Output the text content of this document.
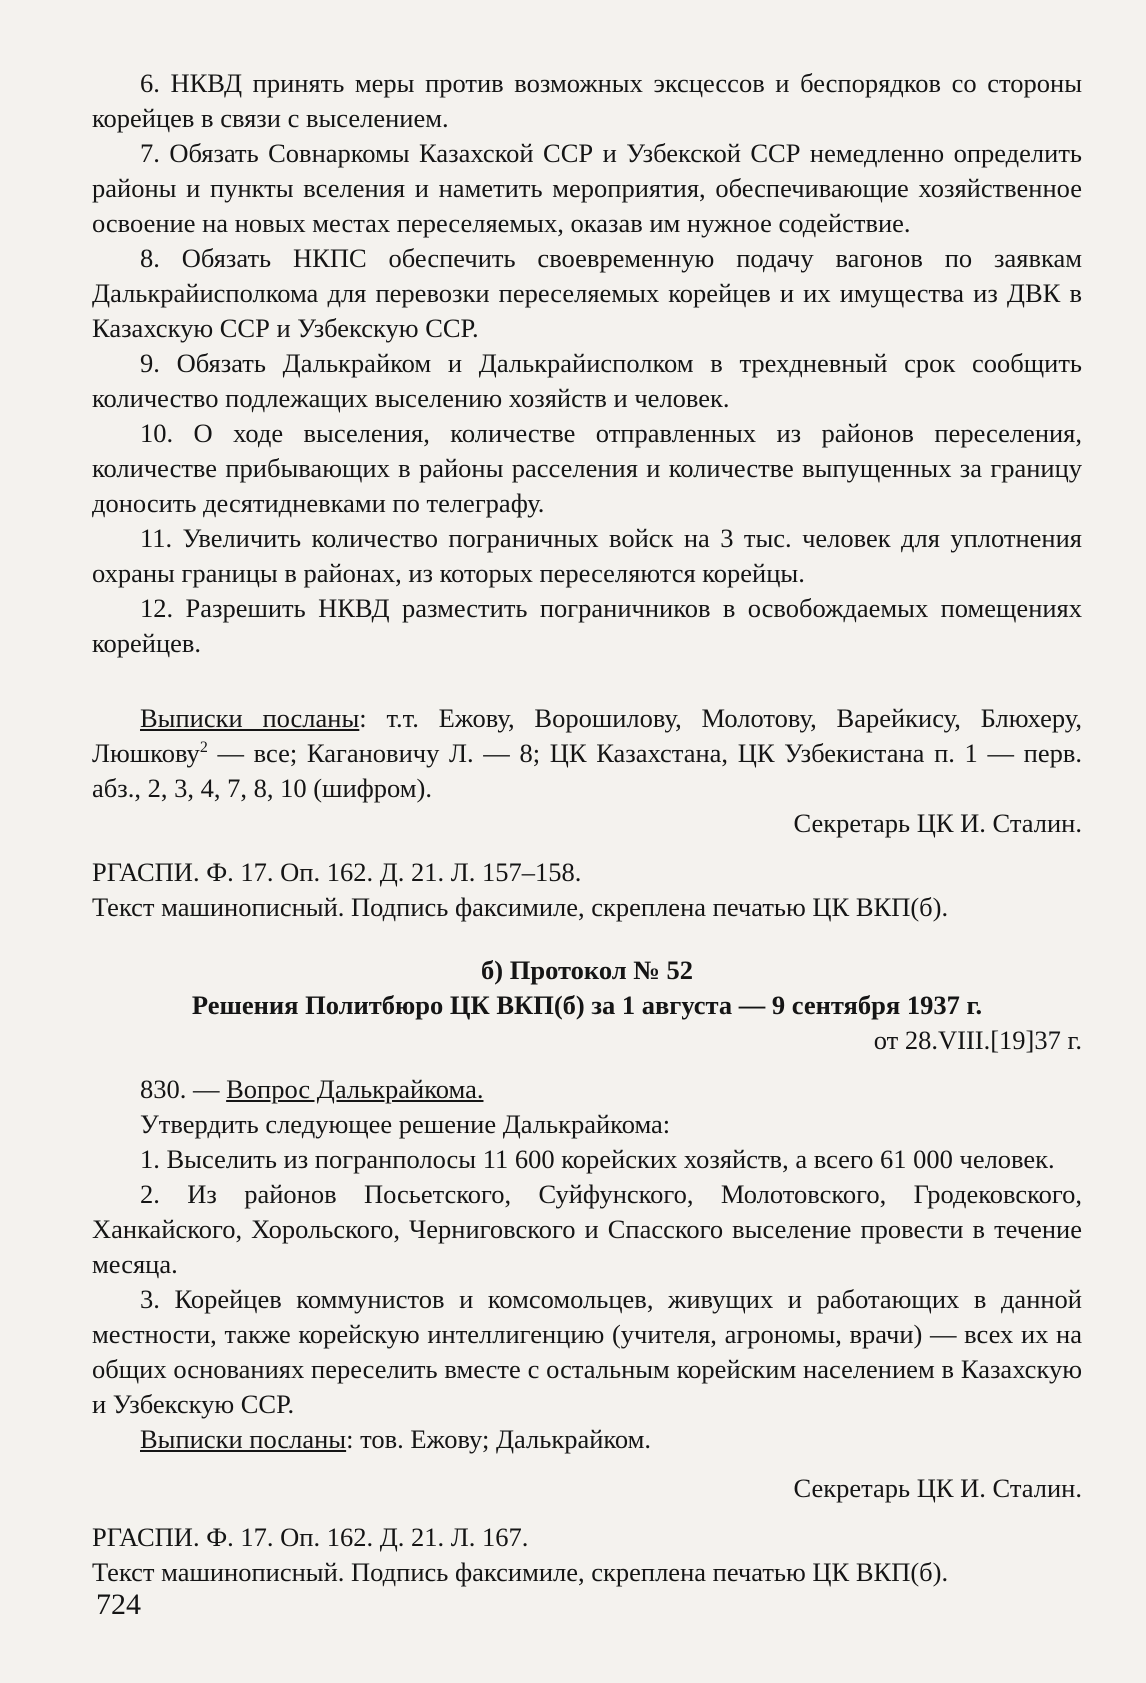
6. НКВД принять меры против возможных эксцессов и беспорядков со стороны корейцев в связи с выселением.

7. Обязать Совнаркомы Казахской ССР и Узбекской ССР немедленно определить районы и пункты вселения и наметить мероприятия, обеспечивающие хозяйственное освоение на новых местах переселяемых, оказав им нужное содействие.

8. Обязать НКПС обеспечить своевременную подачу вагонов по заявкам Далькрайисполкома для перевозки переселяемых корейцев и их имущества из ДВК в Казахскую ССР и Узбекскую ССР.

9. Обязать Далькрайком и Далькрайисполком в трехдневный срок сообщить количество подлежащих выселению хозяйств и человек.

10. О ходе выселения, количестве отправленных из районов переселения, количестве прибывающих в районы расселения и количестве выпущенных за границу доносить десятидневками по телеграфу.

11. Увеличить количество пограничных войск на 3 тыс. человек для уплотнения охраны границы в районах, из которых переселяются корейцы.

12. Разрешить НКВД разместить пограничников в освобождаемых помещениях корейцев.

Выписки посланы: т.т. Ежову, Ворошилову, Молотову, Варейкису, Блюхеру, Люшкову$^2$ — все; Кагановичу Л. — 8; ЦК Казахстана, ЦК Узбекистана п. 1 — перв. абз., 2, 3, 4, 7, 8, 10 (шифром).

Секретарь ЦК И. Сталин.

РГАСПИ. Ф. 17. Оп. 162. Д. 21. Л. 157–158.

Текст машинописный. Подпись факсимиле, скреплена печатью ЦК ВКП(б).

б) Протокол № 52

Решения Политбюро ЦК ВКП(б) за 1 августа — 9 сентября 1937 г.

от 28.VIII.[19]37 г.

830. — Вопрос Далькрайкома.

Утвердить следующее решение Далькрайкома:

1. Выселить из погранполосы 11 600 корейских хозяйств, а всего 61 000 человек.

2. Из районов Посьетского, Суйфунского, Молотовского, Гродековского, Ханкайского, Хорольского, Черниговского и Спасского выселение провести в течение месяца.

3. Корейцев коммунистов и комсомольцев, живущих и работающих в данной местности, также корейскую интеллигенцию (учителя, агрономы, врачи) — всех их на общих основаниях переселить вместе с остальным корейским населением в Казахскую и Узбекскую ССР.

Выписки посланы: тов. Ежову; Далькрайком.

Секретарь ЦК И. Сталин.

РГАСПИ. Ф. 17. Оп. 162. Д. 21. Л. 167.

Текст машинописный. Подпись факсимиле, скреплена печатью ЦК ВКП(б).

724
